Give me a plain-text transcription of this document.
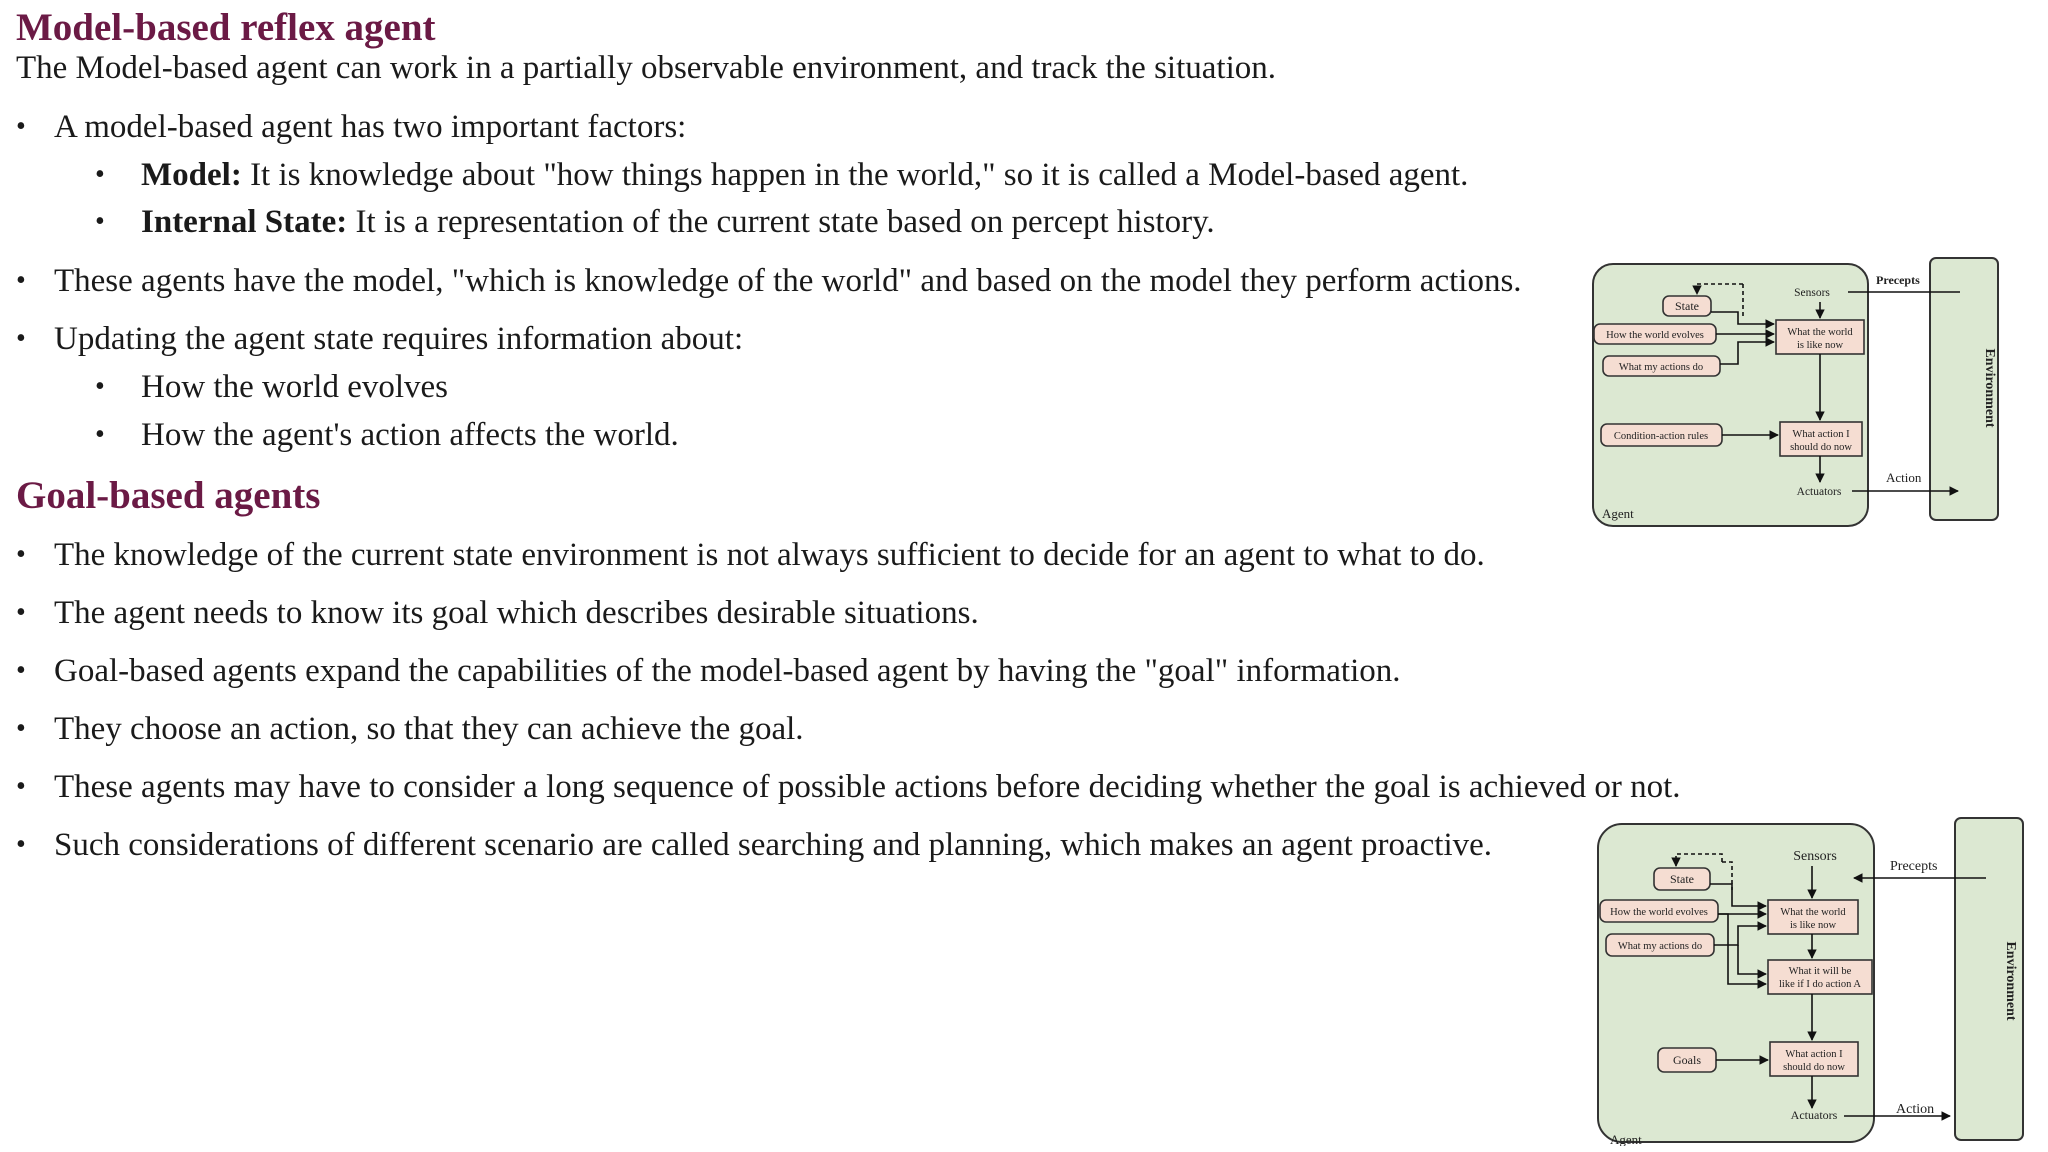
Model-based reflex agent

The Model-based agent can work in a partially observable environment, and track the situation.

• A model-based agent has two important factors:
• Model: It is knowledge about "how things happen in the world," so it is called a Model-based agent.
• Internal State: It is a representation of the current state based on percept history.
• These agents have the model, "which is knowledge of the world" and based on the model they perform actions.
• Updating the agent state requires information about:
• How the world evolves
• How the agent's action affects the world.
Goal-based agents
• The knowledge of the current state environment is not always sufficient to decide for an agent to what to do.
• The agent needs to know its goal which describes desirable situations.
• Goal-based agents expand the capabilities of the model-based agent by having the "goal" information.
• They choose an action, so that they can achieve the goal.
• These agents may have to consider a long sequence of possible actions before deciding whether the goal is achieved or not.
• Such considerations of different scenario are called searching and planning, which makes an agent proactive.
State
How the world evolves
What my actions do
Condition-action rules
Sensors
What the world
is like now
What action I
should do now
Actuators
Agent
Precepts
Action
Environment
State
How the world evolves
What my actions do
Goals
Sensors
What the world
is like now
What it will be
like if I do action A
What action I
should do now
Actuators
Agent
Precepts
Action
Environment
